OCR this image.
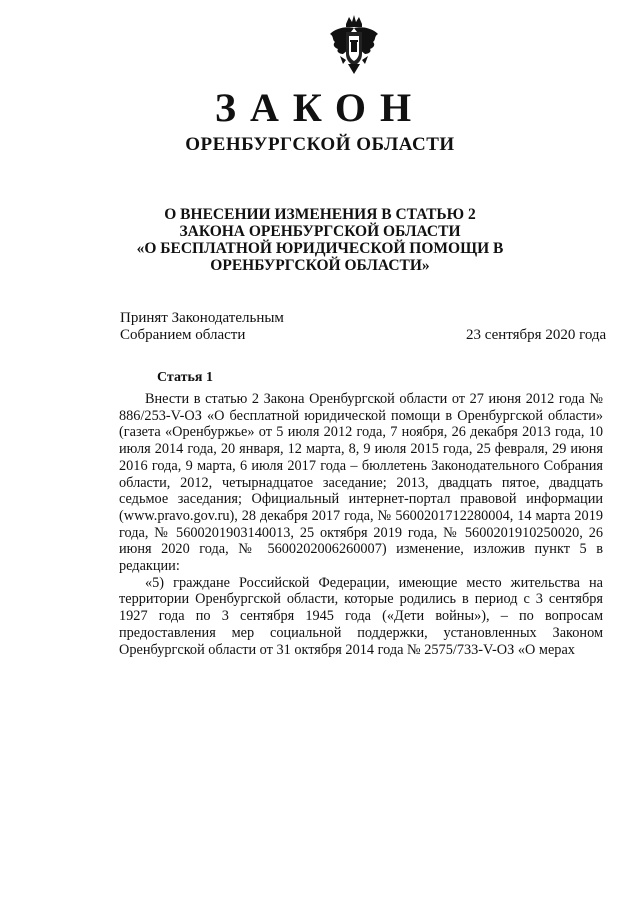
ЗАКОН
ОРЕНБУРГСКОЙ ОБЛАСТИ
О ВНЕСЕНИИ ИЗМЕНЕНИЯ В СТАТЬЮ 2
ЗАКОНА ОРЕНБУРГСКОЙ ОБЛАСТИ
«О БЕСПЛАТНОЙ ЮРИДИЧЕСКОЙ ПОМОЩИ В
ОРЕНБУРГСКОЙ ОБЛАСТИ»
Принят Законодательным
Собранием области	23 сентября 2020 года
Статья 1

Внести в статью 2 Закона Оренбургской области от 27 июня 2012 года № 886/253-V-ОЗ «О бесплатной юридической помощи в Оренбургской области» (газета «Оренбуржье» от 5 июля 2012 года, 7 ноября, 26 декабря 2013 года, 10 июля 2014 года, 20 января, 12 марта, 8, 9 июля 2015 года, 25 февраля, 29 июня 2016 года, 9 марта, 6 июля 2017 года – бюллетень Законодательного Собрания области, 2012, четырнадцатое заседание; 2013, двадцать пятое, двадцать седьмое заседания; Официальный интернет-портал правовой информации (www.pravo.gov.ru), 28 декабря 2017 года, № 5600201712280004, 14 марта 2019 года, № 5600201903140013, 25 октября 2019 года, № 5600201910250020, 26 июня 2020 года, № 5600202006260007) изменение, изложив пункт 5 в редакции:

«5) граждане Российской Федерации, имеющие место жительства на территории Оренбургской области, которые родились в период с 3 сентября 1927 года по 3 сентября 1945 года («Дети войны»), – по вопросам предоставления мер социальной поддержки, установленных Законом Оренбургской области от 31 октября 2014 года № 2575/733-V-ОЗ «О мерах
